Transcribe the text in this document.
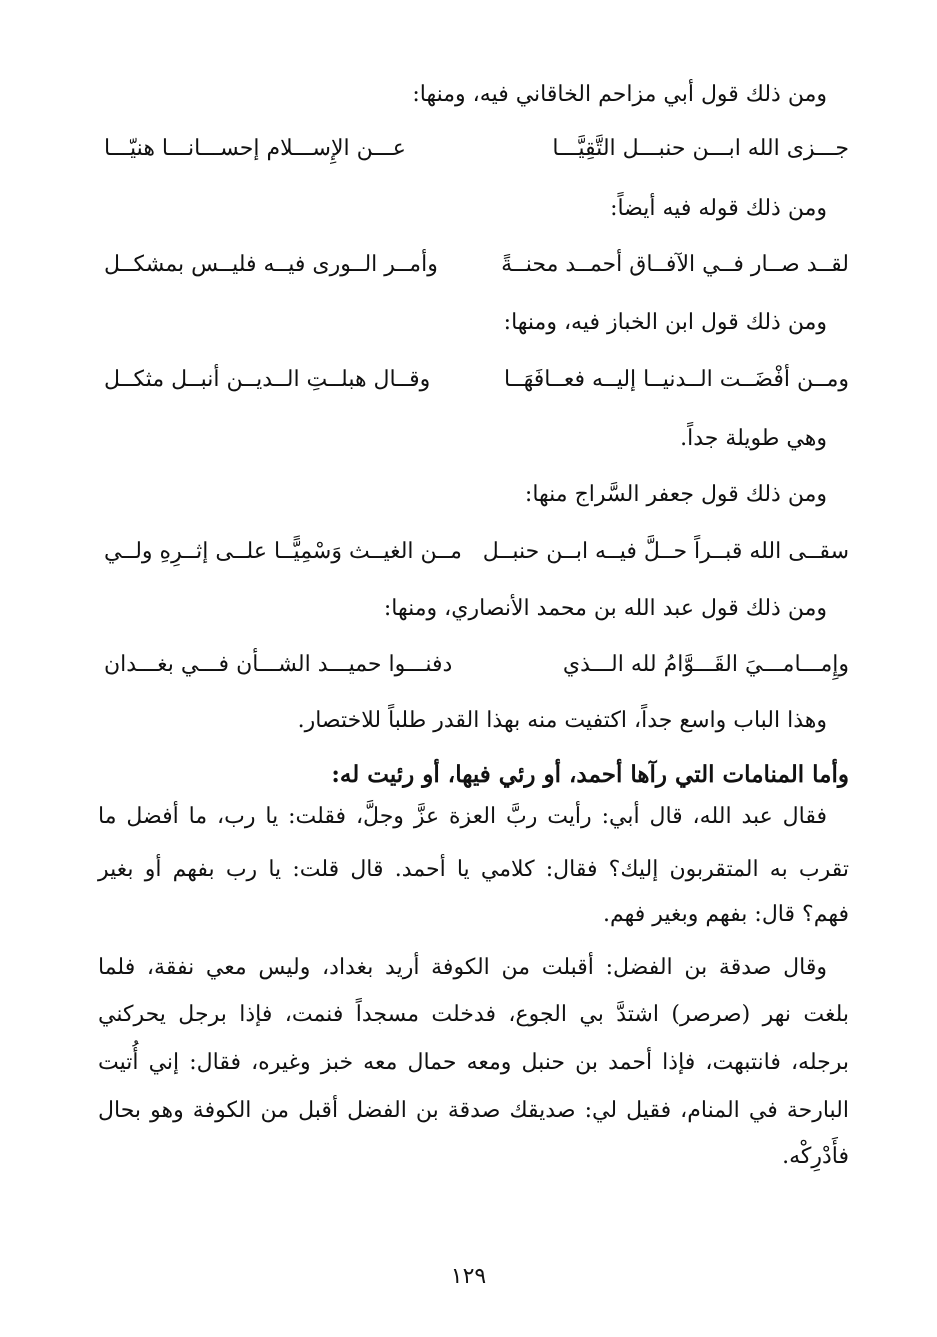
ومن ذلك قول أبي مزاحم الخاقاني فيه، ومنها:
جـــزى الله ابـــن حنبـــل التَّقِيَّـــا
عـــن الإِســـلام إحســـانـــا هنيّـــا
ومن ذلك قوله فيه أيضاً:
لقــد صــار فــي الآفــاق أحمــد محنــةً
وأمــر الــورى فيــه فليــس بمشكــل
ومن ذلك قول ابن الخباز فيه، ومنها:
ومــن أفْضَــت الــدنيــا إليــه فعــافَهَــا
وقــال هبلــتِ الــديــن أنبــل مثكــل
وهي طويلة جداً.
ومن ذلك قول جعفر السَّراج منها:
سقــى الله قبــراً حــلَّ فيــه ابــن حنبــل
مــن الغيــث وَسْمِيًّــا علــى إثــرِهِ ولــي
ومن ذلك قول عبد الله بن محمد الأنصاري، ومنها:
وإِمـــامـــيَ القَـــوَّامُ لله الـــذي
دفنـــوا حميـــد الشـــأن فـــي بغـــدان
وهذا الباب واسع جداً، اكتفيت منه بهذا القدر طلباً للاختصار.
وأما المنامات التي رآها أحمد، أو رئي فيها، أو رئيت له:
فقال عبد الله، قال أبي: رأيت ربَّ العزة عزَّ وجلَّ، فقلت: يا رب، ما أفضل ما
تقرب به المتقربون إليك؟ فقال: كلامي يا أحمد. قال قلت: يا رب بفهم أو بغير
فهم؟ قال: بفهم وبغير فهم.
وقال صدقة بن الفضل: أقبلت من الكوفة أريد بغداد، وليس معي نفقة، فلما
بلغت نهر (صرصر) اشتدَّ بي الجوع، فدخلت مسجداً فنمت، فإذا برجل يحركني
برجله، فانتبهت، فإذا أحمد بن حنبل ومعه حمال معه خبز وغيره، فقال: إني أُتيت
البارحة في المنام، فقيل لي: صديقك صدقة بن الفضل أقبل من الكوفة وهو بحال
فأَدْرِكْه.
١٢٩
